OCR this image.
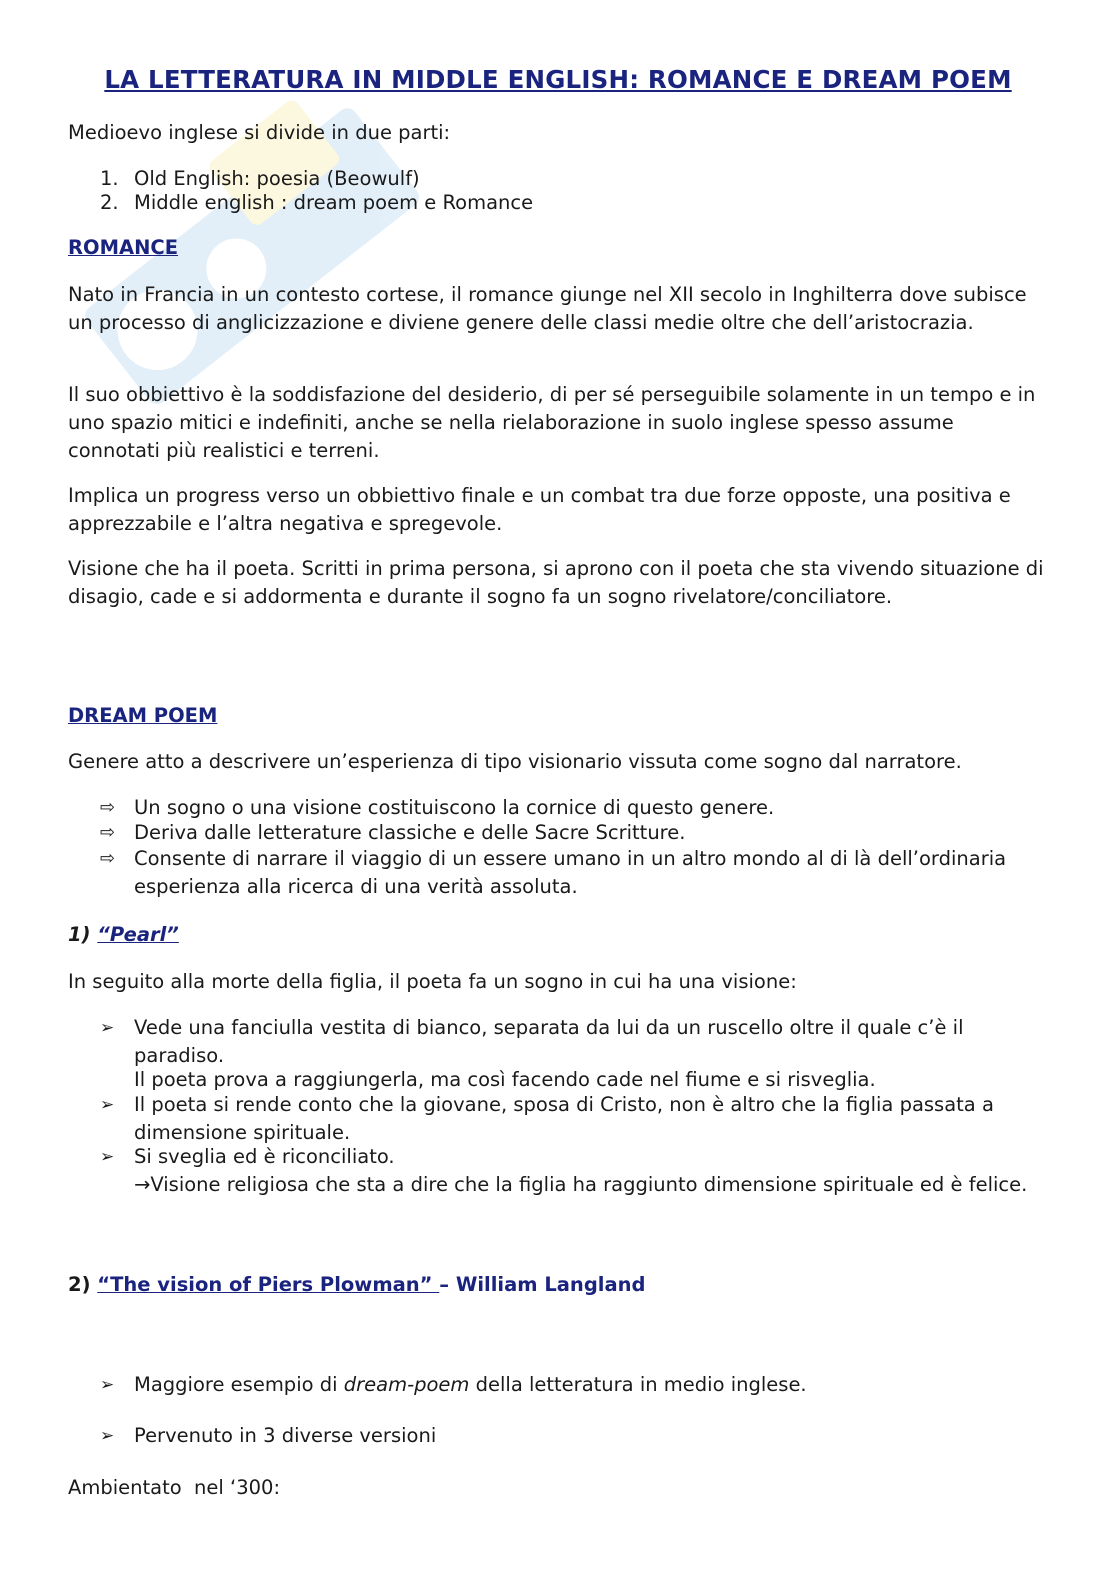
LA LETTERATURA IN MIDDLE ENGLISH: ROMANCE E DREAM POEM
Medioevo inglese si divide in due parti:
1. Old English: poesia (Beowulf)
2. Middle english : dream poem e Romance
ROMANCE
Nato in Francia in un contesto cortese, il romance giunge nel XII secolo in Inghilterra dove subisce un processo di anglicizzazione e diviene genere delle classi medie oltre che dell’aristocrazia.
Il suo obbiettivo è la soddisfazione del desiderio, di per sé perseguibile solamente in un tempo e in uno spazio mitici e indefiniti, anche se nella rielaborazione in suolo inglese spesso assume connotati più realistici e terreni.
Implica un progress verso un obbiettivo finale e un combat tra due forze opposte, una positiva e apprezzabile e l’altra negativa e spregevole.
Visione che ha il poeta. Scritti in prima persona, si aprono con il poeta che sta vivendo situazione di disagio, cade e si addormenta e durante il sogno fa un sogno rivelatore/conciliatore.
DREAM POEM
Genere atto a descrivere un’esperienza di tipo visionario vissuta come sogno dal narratore.
⇨ Un sogno o una visione costituiscono la cornice di questo genere.
⇨ Deriva dalle letterature classiche e delle Sacre Scritture.
⇨ Consente di narrare il viaggio di un essere umano in un altro mondo al di là dell’ordinaria esperienza alla ricerca di una verità assoluta.
1) “Pearl”
In seguito alla morte della figlia, il poeta fa un sogno in cui ha una visione:
➢	Vede una fanciulla vestita di bianco, separata da lui da un ruscello oltre il quale c’è il paradiso.
Il poeta prova a raggiungerla, ma così facendo cade nel fiume e si risveglia.
➢	Il poeta si rende conto che la giovane, sposa di Cristo, non è altro che la figlia passata a dimensione spirituale.
➢	Si sveglia ed è riconciliato.
→Visione religiosa che sta a dire che la figlia ha raggiunto dimensione spirituale ed è felice.
2) “The vision of Piers Plowman” – William Langland
➢	Maggiore esempio di dream-poem della letteratura in medio inglese.
➢	Pervenuto in 3 diverse versioni
Ambientato  nel ‘300:
